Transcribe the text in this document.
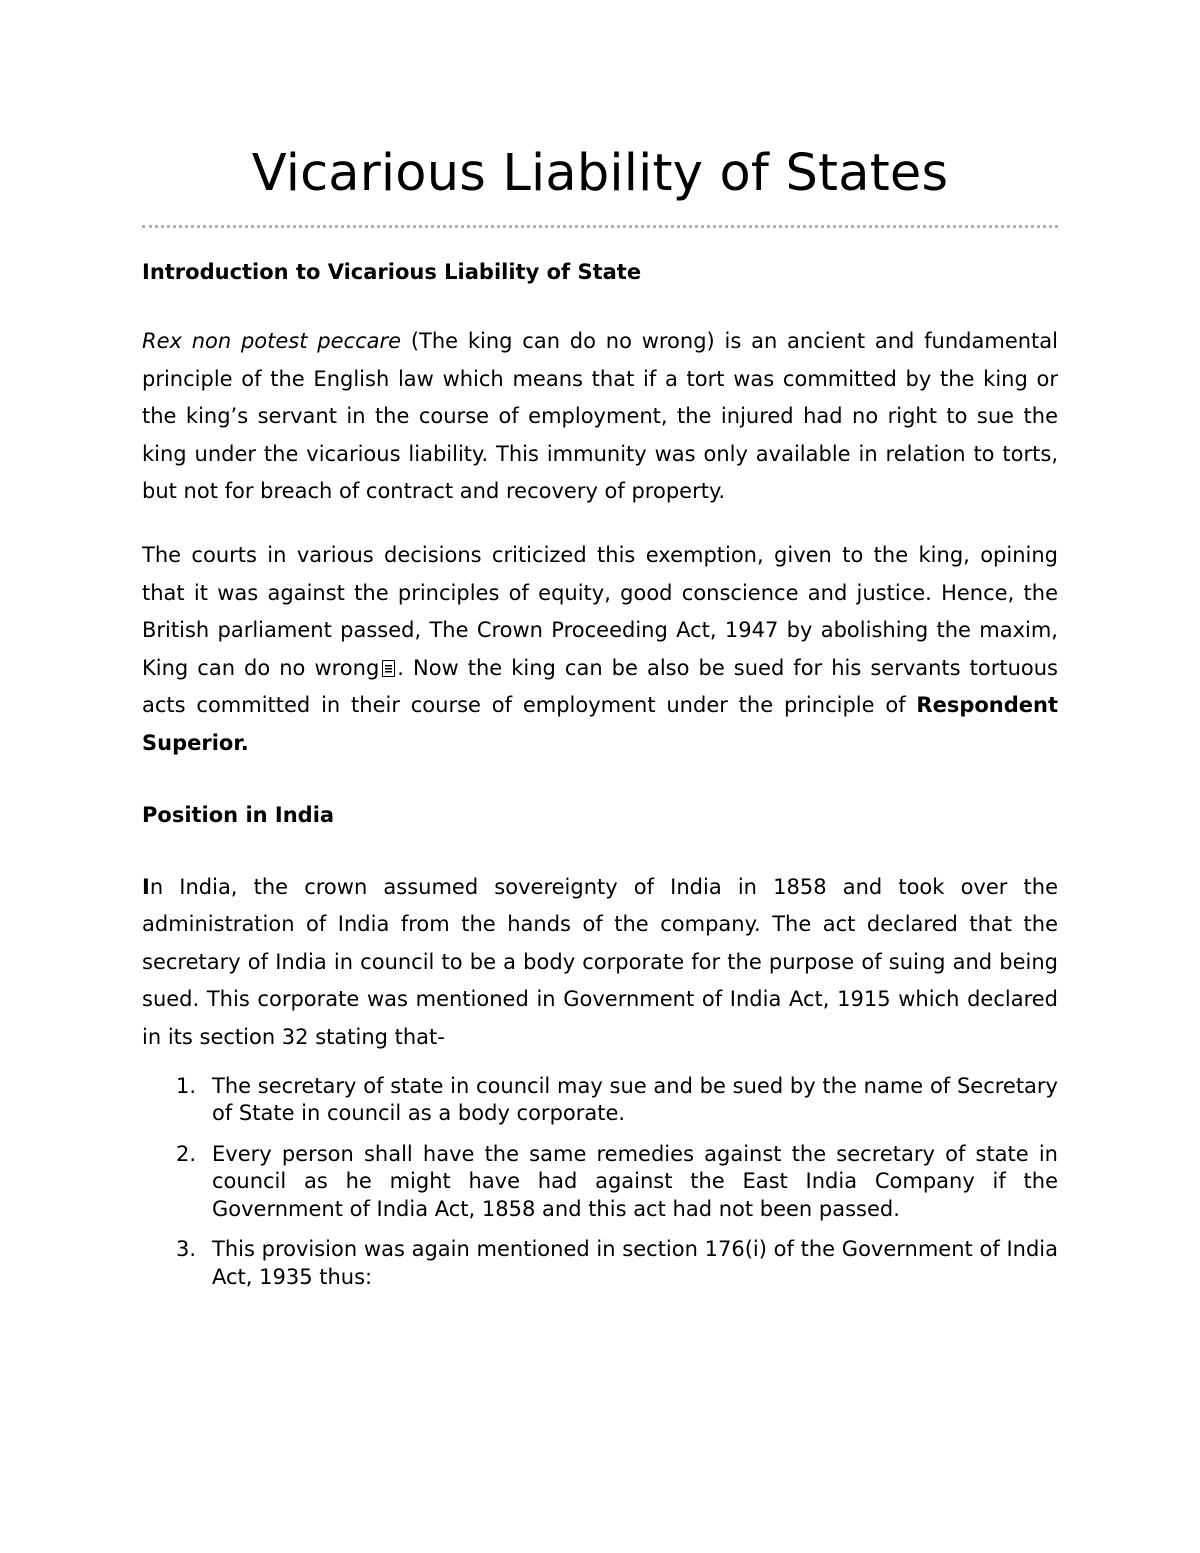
Vicarious Liability of States
Introduction to Vicarious Liability of State

Rex non potest peccare (The king can do no wrong) is an ancient and fundamental principle of the English law which means that if a tort was committed by the king or the king’s servant in the course of employment, the injured had no right to sue the king under the vicarious liability. This immunity was only available in relation to torts, but not for breach of contract and recovery of property.

The courts in various decisions criticized this exemption, given to the king, opining that it was against the principles of equity, good conscience and justice. Hence, the British parliament passed, The Crown Proceeding Act, 1947 by abolishing the maxim, King can do no wrong . Now the king can be also be sued for his servants tortuous acts committed in their course of employment under the principle of Respondent Superior.

Position in India

In India, the crown assumed sovereignty of India in 1858 and took over the administration of India from the hands of the company. The act declared that the secretary of India in council to be a body corporate for the purpose of suing and being sued. This corporate was mentioned in Government of India Act, 1915 which declared in its section 32 stating that-

1. The secretary of state in council may sue and be sued by the name of Secretary of State in council as a body corporate.
2. Every person shall have the same remedies against the secretary of state in council as he might have had against the East India Company if the Government of India Act, 1858 and this act had not been passed.
3. This provision was again mentioned in section 176(i) of the Government of India Act, 1935 thus:
